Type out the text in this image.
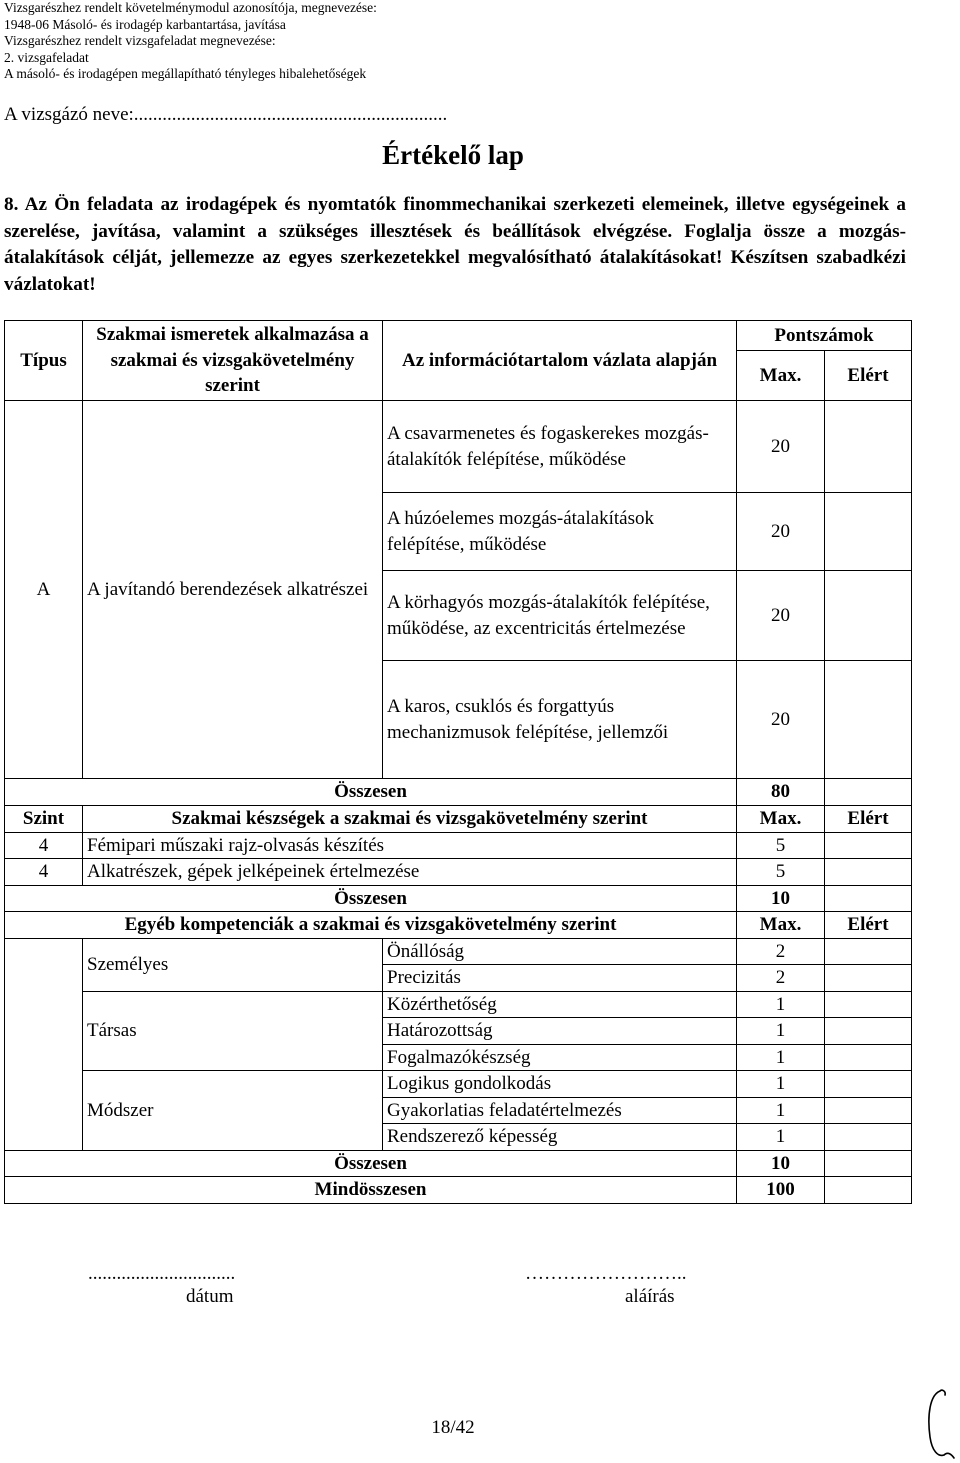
Vizsgarészhez rendelt követelménymodul azonosítója, megnevezése:
1948-06 Másoló- és irodagép karbantartása, javítása
Vizsgarészhez rendelt vizsgafeladat megnevezése:
2. vizsgafeladat
A másoló- és irodagépen megállapítható tényleges hibalehetőségek
A vizsgázó neve:..................................................................
Értékelő lap
8. Az Ön feladata az irodagépek és nyomtatók finommechanikai szerkezeti elemeinek, illetve egységeinek a szerelése, javítása, valamint a szükséges illesztések és beállítások elvégzése. Foglalja össze a mozgás-átalakítások célját, jellemezze az egyes szerkezetekkel megvalósítható átalakításokat! Készítsen szabadkézi vázlatokat!
Típus	Szakmai ismeretek alkalmazása a szakmai és vizsgakövetelmény szerint	Az információtartalom vázlata alapján	Pontszámok	
			Max.	Elért
A	A javítandó berendezések alkatrészei	A csavarmenetes és fogaskerekes mozgás-átalakítók felépítése, működése	20	
		A húzóelemes mozgás-átalakítások felépítése, működése	20	
		A körhagyós mozgás-átalakítók felépítése, működése, az excentricitás értelmezése	20	
		A karos, csuklós és forgattyús mechanizmusok felépítése, jellemzői	20	
Összesen			80	
Szint	Szakmai készségek a szakmai és vizsgakövetelmény szerint		Max.	Elért
4	Fémipari műszaki rajz-olvasás készítés		5	
4	Alkatrészek, gépek jelképeinek értelmezése		5	
Összesen			10	
Egyéb kompetenciák a szakmai és vizsgakövetelmény szerint			Max.	Elért
	Személyes	Önállóság	2	
		Precizitás	2	
	Társas	Közérthetőség	1	
		Határozottság	1	
		Fogalmazókészség	1	
	Módszer	Logikus gondolkodás	1	
		Gyakorlatias feladatértelmezés	1	
		Rendszerező képesség	1	
Összesen			10	
Mindösszesen			100	
...............................
dátum
……………………..
aláírás
18/42
